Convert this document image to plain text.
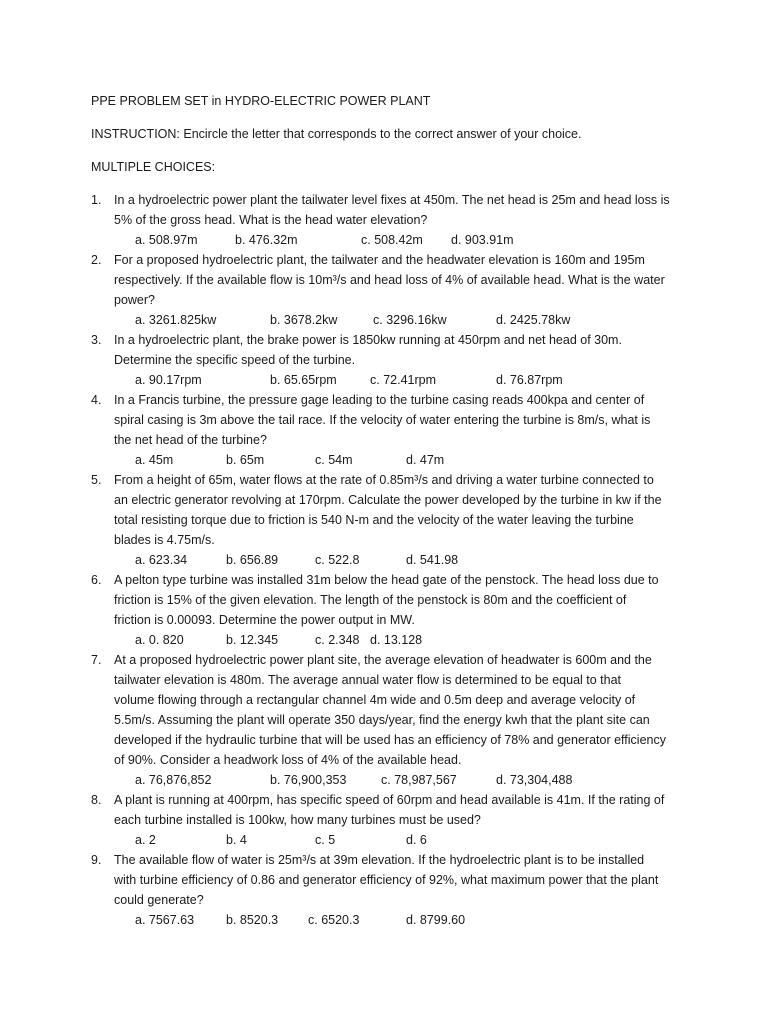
PPE PROBLEM SET in HYDRO-ELECTRIC POWER PLANT
INSTRUCTION: Encircle the letter that corresponds to the correct answer of your choice.
MULTIPLE CHOICES:
1.	In a hydroelectric power plant the tailwater level fixes at 450m. The net head is 25m and head loss is
5% of the gross head. What is the head water elevation?
a. 508.97m	b. 476.32m	c. 508.42m d. 903.91m
2.	For a proposed hydroelectric plant, the tailwater and the headwater elevation is 160m and 195m
respectively. If the available flow is 10m³/s and head loss of 4% of available head. What is the water
power?
a. 3261.825kw	b. 3678.2kw	c. 3296.16kw	d. 2425.78kw
3.	In a hydroelectric plant, the brake power is 1850kw running at 450rpm and net head of 30m.
Determine the specific speed of the turbine.
a. 90.17rpm	b. 65.65rpm	c. 72.41rpm	d. 76.87rpm
4.	In a Francis turbine, the pressure gage leading to the turbine casing reads 400kpa and center of
spiral casing is 3m above the tail race. If the velocity of water entering the turbine is 8m/s, what is
the net head of the turbine?
a. 45m	b. 65m	c. 54m	d. 47m
5.	From a height of 65m, water flows at the rate of 0.85m³/s and driving a water turbine connected to
an electric generator revolving at 170rpm. Calculate the power developed by the turbine in kw if the
total resisting torque due to friction is 540 N-m and the velocity of the water leaving the turbine
blades is 4.75m/s.
a. 623.34	b. 656.89	c. 522.8	d. 541.98
6.	A pelton type turbine was installed 31m below the head gate of the penstock. The head loss due to
friction is 15% of the given elevation. The length of the penstock is 80m and the coefficient of
friction is 0.00093. Determine the power output in MW.
a. 0. 820	b. 12.345	c. 2.348 d. 13.128
7.	At a proposed hydroelectric power plant site, the average elevation of headwater is 600m and the
tailwater elevation is 480m. The average annual water flow is determined to be equal to that
volume flowing through a rectangular channel 4m wide and 0.5m deep and average velocity of
5.5m/s. Assuming the plant will operate 350 days/year, find the energy kwh that the plant site can
developed if the hydraulic turbine that will be used has an efficiency of 78% and generator efficiency
of 90%. Consider a headwork loss of 4% of the available head.
a. 76,876,852	b. 76,900,353	c. 78,987,567	d. 73,304,488
8.	A plant is running at 400rpm, has specific speed of 60rpm and head available is 41m. If the rating of
each turbine installed is 100kw, how many turbines must be used?
a. 2	b. 4	c. 5	d. 6
9.	The available flow of water is 25m³/s at 39m elevation. If the hydroelectric plant is to be installed
with turbine efficiency of 0.86 and generator efficiency of 92%, what maximum power that the plant
could generate?
a. 7567.63	b. 8520.3 c. 6520.3	d. 8799.60
